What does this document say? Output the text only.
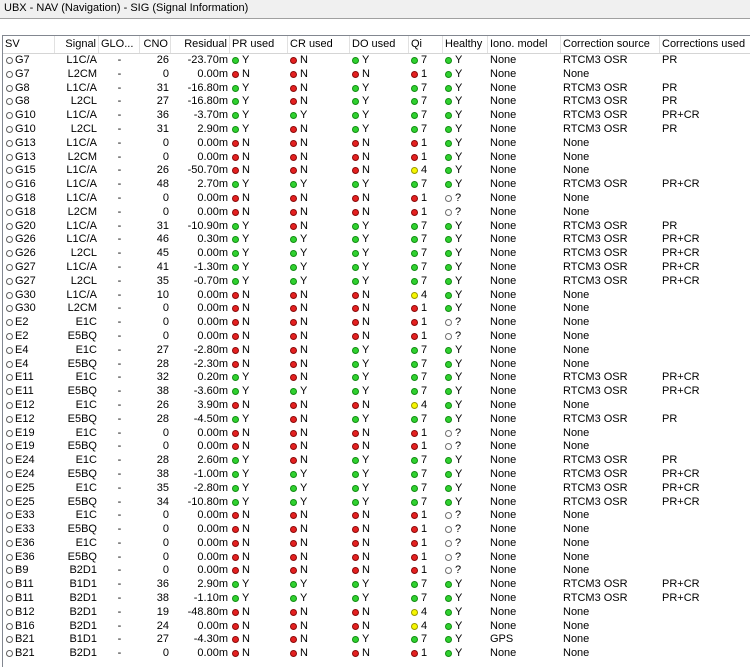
UBX - NAV (Navigation) - SIG (Signal Information)
SV	Signal GLO... CNO	Residual PR used	CR used	DO used	Qi	Healthy Iono. model	Correction source	Corrections used
G7	L1C/A	-	26	-23.70m	Y	N	Y	7	Y	None	RTCM3 OSR	PR
G7	L2CM	-	0	0.00m	N	N	N	1	Y	None	None
G8	L1C/A	-	31	-16.80m	Y	N	Y	7	Y	None	RTCM3 OSR	PR
G8	L2CL	-	27	-16.80m	Y	N	Y	7	Y	None	RTCM3 OSR	PR
G10	L1C/A	-	36	-3.70m	Y	Y	Y	7	Y	None	RTCM3 OSR	PR+CR
G10	L2CL	-	31	2.90m	Y	N	Y	7	Y	None	RTCM3 OSR	PR
G13	L1C/A	-	0	0.00m	N	N	N	1	Y	None	None
G13	L2CM	-	0	0.00m	N	N	N	1	Y	None	None
G15	L1C/A	-	26	-50.70m	N	N	N	4	Y	None	None
G16	L1C/A	-	48	2.70m	Y	Y	Y	7	Y	None	RTCM3 OSR	PR+CR
G18	L1C/A	-	0	0.00m	N	N	N	1	?	None	None
G18	L2CM	-	0	0.00m	N	N	N	1	?	None	None
G20	L1C/A	-	31	-10.90m	Y	N	Y	7	Y	None	RTCM3 OSR	PR
G26	L1C/A	-	46	0.30m	Y	Y	Y	7	Y	None	RTCM3 OSR	PR+CR
G26	L2CL	-	45	0.00m	Y	Y	Y	7	Y	None	RTCM3 OSR	PR+CR
G27	L1C/A	-	41	-1.30m	Y	Y	Y	7	Y	None	RTCM3 OSR	PR+CR
G27	L2CL	-	35	-0.70m	Y	Y	Y	7	Y	None	RTCM3 OSR	PR+CR
G30	L1C/A	-	10	0.00m	N	N	N	4	Y	None	None
G30	L2CM	-	0	0.00m	N	N	N	1	Y	None	None
E2	E1C	-	0	0.00m	N	N	N	1	?	None	None
E2	E5BQ	-	0	0.00m	N	N	N	1	?	None	None
E4	E1C	-	27	-2.80m	N	N	Y	7	Y	None	None
E4	E5BQ	-	28	-2.30m	N	N	Y	7	Y	None	None
E11	E1C	-	32	0.20m	Y	N	Y	7	Y	None	RTCM3 OSR	PR+CR
E11	E5BQ	-	38	-3.60m	Y	Y	Y	7	Y	None	RTCM3 OSR	PR+CR
E12	E1C	-	26	3.90m	N	N	N	4	Y	None	None
E12	E5BQ	-	28	-4.50m	Y	N	Y	7	Y	None	RTCM3 OSR	PR
E19	E1C	-	0	0.00m	N	N	N	1	?	None	None
E19	E5BQ	-	0	0.00m	N	N	N	1	?	None	None
E24	E1C	-	28	2.60m	Y	N	Y	7	Y	None	RTCM3 OSR	PR
E24	E5BQ	-	38	-1.00m	Y	Y	Y	7	Y	None	RTCM3 OSR	PR+CR
E25	E1C	-	35	-2.80m	Y	Y	Y	7	Y	None	RTCM3 OSR	PR+CR
E25	E5BQ	-	34	-10.80m	Y	Y	Y	7	Y	None	RTCM3 OSR	PR+CR
E33	E1C	-	0	0.00m	N	N	N	1	?	None	None
E33	E5BQ	-	0	0.00m	N	N	N	1	?	None	None
E36	E1C	-	0	0.00m	N	N	N	1	?	None	None
E36	E5BQ	-	0	0.00m	N	N	N	1	?	None	None
B9	B2D1	-	0	0.00m	N	N	N	1	?	None	None
B11	B1D1	-	36	2.90m	Y	Y	Y	7	Y	None	RTCM3 OSR	PR+CR
B11	B2D1	-	38	-1.10m	Y	Y	Y	7	Y	None	RTCM3 OSR	PR+CR
B12	B2D1	-	19	-48.80m	N	N	N	4	Y	None	None
B16	B2D1	-	24	0.00m	N	N	N	4	Y	None	None
B21	B1D1	-	27	-4.30m	N	N	Y	7	Y	GPS	None
B21	B2D1	-	0	0.00m	N	N	N	1	Y	None	None
